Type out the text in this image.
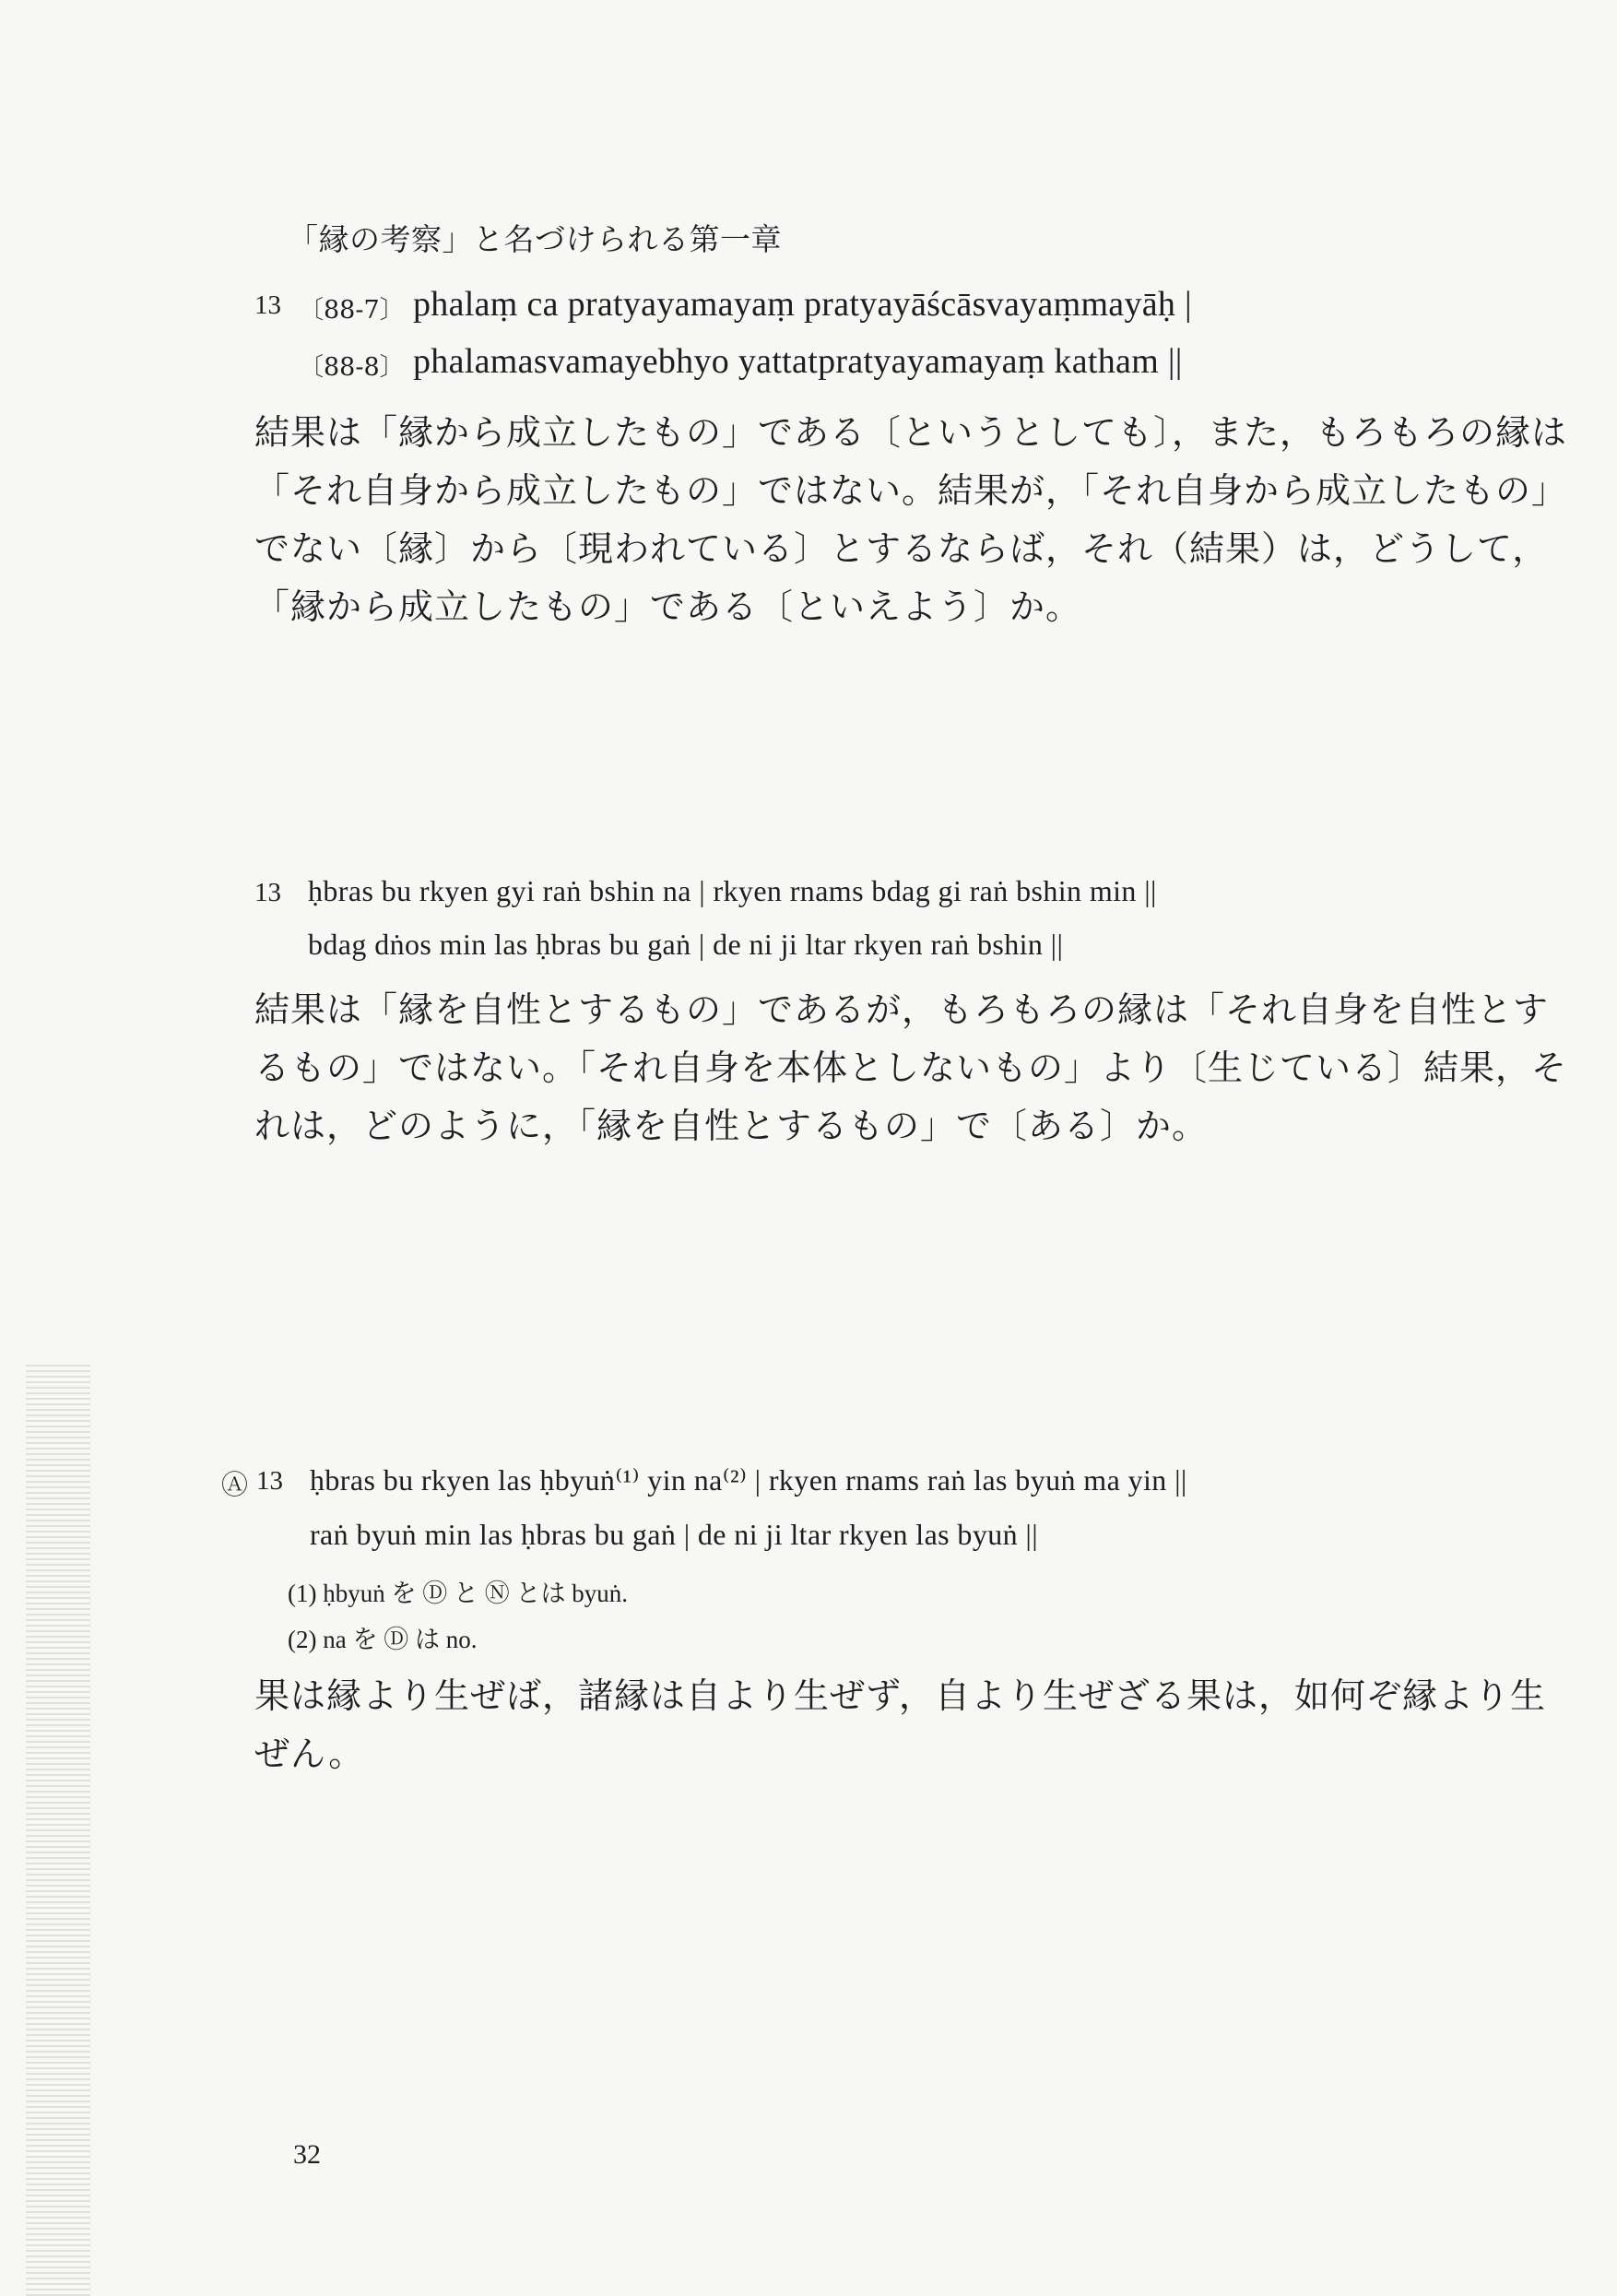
「縁の考察」と名づけられる第一章
13 〔88-7〕 phalaṃ ca pratyayamayaṃ pratyayāścāsvayaṃmayāḥ |
〔88-8〕 phalamasvamayebhyo yattatpratyayamayaṃ katham ||
結果は「縁から成立したもの」である〔というとしても〕，また，もろもろの縁は
「それ自身から成立したもの」ではない。結果が，「それ自身から成立したもの」
でない〔縁〕から〔現われている〕とするならば，それ（結果）は，どうして，
「縁から成立したもの」である〔といえよう〕か。
13 ḥbras bu rkyen gyi raṅ bshin na | rkyen rnams bdag gi raṅ bshin min ||
bdag dṅos min las ḥbras bu gaṅ | de ni ji ltar rkyen raṅ bshin ||
結果は「縁を自性とするもの」であるが，もろもろの縁は「それ自身を自性とす
るもの」ではない。「それ自身を本体としないもの」より〔生じている〕結果，そ
れは，どのように，「縁を自性とするもの」で〔ある〕か。
Ⓐ 13 ḥbras bu rkyen las ḥbyuṅ⁽¹⁾ yin na⁽²⁾ | rkyen rnams raṅ las byuṅ ma yin ||
raṅ byuṅ min las ḥbras bu gaṅ | de ni ji ltar rkyen las byuṅ ||
(1) ḥbyuṅ を Ⓓ と Ⓝ とは byuṅ.
(2) na を Ⓓ は no.
果は縁より生ぜば，諸縁は自より生ぜず，自より生ぜざる果は，如何ぞ縁より生
ぜん。
32
